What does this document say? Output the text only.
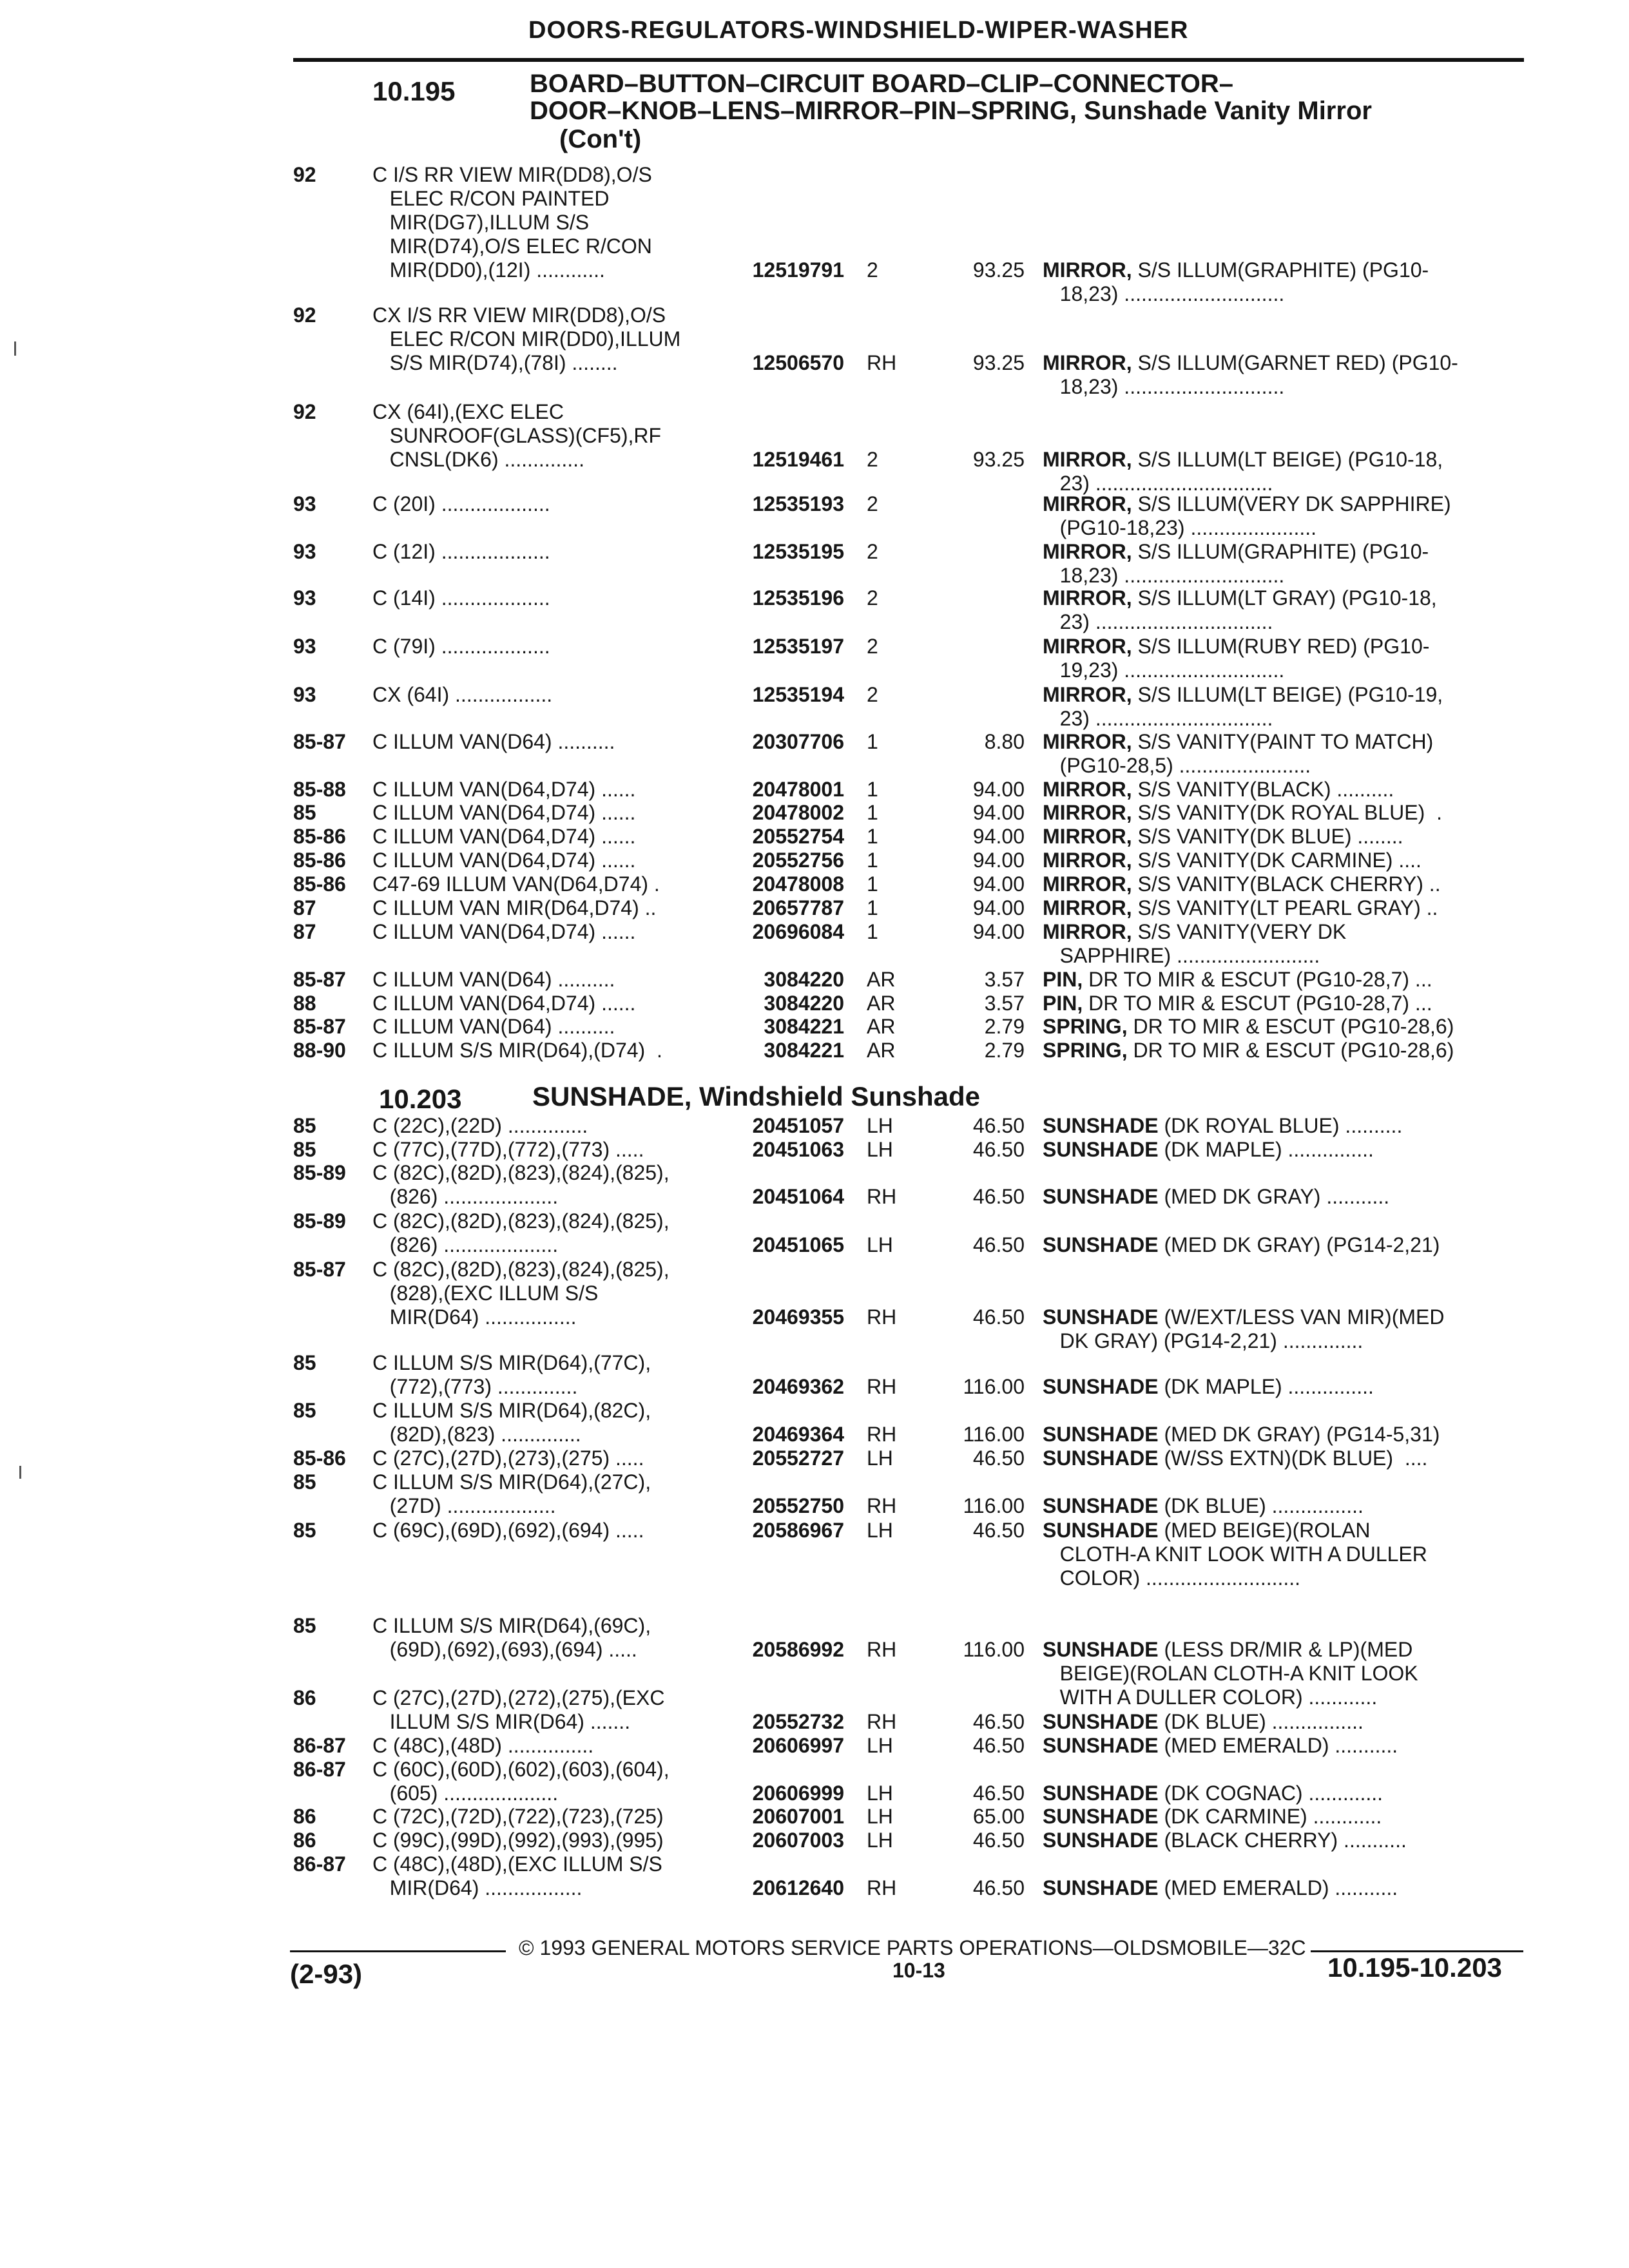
DOORS-REGULATORS-WINDSHIELD-WIPER-WASHER
10.195	BOARD–BUTTON–CIRCUIT BOARD–CLIP–CONNECTOR–
DOOR–KNOB–LENS–MIRROR–PIN–SPRING, Sunshade Vanity Mirror
(Con't)
92	C I/S RR VIEW MIR(DD8),O/S
ELEC R/CON PAINTED
MIR(DG7),ILLUM S/S
MIR(D74),O/S ELEC R/CON
MIR(DD0),(12I) ............	12519791 2	93.25 MIRROR, S/S ILLUM(GRAPHITE) (PG10-
18,23) ............................
92	CX I/S RR VIEW MIR(DD8),O/S
ELEC R/CON MIR(DD0),ILLUM
S/S MIR(D74),(78I) ........	12506570 RH	93.25 MIRROR, S/S ILLUM(GARNET RED) (PG10-
18,23) ............................
92	CX (64I),(EXC ELEC
SUNROOF(GLASS)(CF5),RF
CNSL(DK6) ..............	12519461 2	93.25 MIRROR, S/S ILLUM(LT BEIGE) (PG10-18,
23) ...............................
93	C (20I) ...................	12535193 2	MIRROR, S/S ILLUM(VERY DK SAPPHIRE)
(PG10-18,23) ......................
93	C (12I) ...................	12535195 2	MIRROR, S/S ILLUM(GRAPHITE) (PG10-
18,23) ............................
93	C (14I) ...................	12535196 2	MIRROR, S/S ILLUM(LT GRAY) (PG10-18,
23) ...............................
93	C (79I) ...................	12535197 2	MIRROR, S/S ILLUM(RUBY RED) (PG10-
19,23) ............................
93	CX (64I) .................	12535194 2	MIRROR, S/S ILLUM(LT BEIGE) (PG10-19,
23) ...............................
85-87	C ILLUM VAN(D64) ..........	20307706 1	8.80 MIRROR, S/S VANITY(PAINT TO MATCH)
(PG10-28,5) .......................
85-88	C ILLUM VAN(D64,D74) ......	20478001 1	94.00 MIRROR, S/S VANITY(BLACK) ..........
85	C ILLUM VAN(D64,D74) ......	20478002 1	94.00 MIRROR, S/S VANITY(DK ROYAL BLUE)  .
85-86	C ILLUM VAN(D64,D74) ......	20552754 1	94.00 MIRROR, S/S VANITY(DK BLUE) ........
85-86	C ILLUM VAN(D64,D74) ......	20552756 1	94.00 MIRROR, S/S VANITY(DK CARMINE) ....
85-86	C47-69 ILLUM VAN(D64,D74) .	20478008 1	94.00 MIRROR, S/S VANITY(BLACK CHERRY) ..
87	C ILLUM VAN MIR(D64,D74) ..	20657787 1	94.00 MIRROR, S/S VANITY(LT PEARL GRAY) ..
87	C ILLUM VAN(D64,D74) ......	20696084 1	94.00 MIRROR, S/S VANITY(VERY DK
SAPPHIRE) .........................
85-87	C ILLUM VAN(D64) ..........	3084220 AR	3.57 PIN, DR TO MIR & ESCUT (PG10-28,7) ...
88	C ILLUM VAN(D64,D74) ......	3084220 AR	3.57 PIN, DR TO MIR & ESCUT (PG10-28,7) ...
85-87	C ILLUM VAN(D64) ..........	3084221 AR	2.79 SPRING, DR TO MIR & ESCUT (PG10-28,6)
88-90	C ILLUM S/S MIR(D64),(D74)  .	3084221 AR	2.79 SPRING, DR TO MIR & ESCUT (PG10-28,6)
10.203	SUNSHADE, Windshield Sunshade
85	C (22C),(22D) ..............	20451057 LH	46.50 SUNSHADE (DK ROYAL BLUE) ..........
85	C (77C),(77D),(772),(773) .....	20451063 LH	46.50 SUNSHADE (DK MAPLE) ...............
85-89	C (82C),(82D),(823),(824),(825),
(826) ....................	20451064 RH	46.50 SUNSHADE (MED DK GRAY) ...........
85-89	C (82C),(82D),(823),(824),(825),
(826) ....................	20451065 LH	46.50 SUNSHADE (MED DK GRAY) (PG14-2,21)
85-87	C (82C),(82D),(823),(824),(825),
(828),(EXC ILLUM S/S
MIR(D64) ................	20469355 RH	46.50 SUNSHADE (W/EXT/LESS VAN MIR)(MED
DK GRAY) (PG14-2,21) ..............
85	C ILLUM S/S MIR(D64),(77C),
(772),(773) ..............	20469362 RH	116.00 SUNSHADE (DK MAPLE) ...............
85	C ILLUM S/S MIR(D64),(82C),
(82D),(823) ..............	20469364 RH	116.00 SUNSHADE (MED DK GRAY) (PG14-5,31)
85-86	C (27C),(27D),(273),(275) .....	20552727 LH	46.50 SUNSHADE (W/SS EXTN)(DK BLUE)  ....
85	C ILLUM S/S MIR(D64),(27C),
(27D) ...................	20552750 RH	116.00 SUNSHADE (DK BLUE) ................
85	C (69C),(69D),(692),(694) .....	20586967 LH	46.50 SUNSHADE (MED BEIGE)(ROLAN
CLOTH-A KNIT LOOK WITH A DULLER
COLOR) ...........................
85	C ILLUM S/S MIR(D64),(69C),
(69D),(692),(693),(694) .....	20586992 RH	116.00 SUNSHADE (LESS DR/MIR & LP)(MED
BEIGE)(ROLAN CLOTH-A KNIT LOOK
WITH A DULLER COLOR) ............
86	C (27C),(27D),(272),(275),(EXC
ILLUM S/S MIR(D64) .......	20552732 RH	46.50 SUNSHADE (DK BLUE) ................
86-87	C (48C),(48D) ...............	20606997 LH	46.50 SUNSHADE (MED EMERALD) ...........
86-87	C (60C),(60D),(602),(603),(604),
(605) ....................	20606999 LH	46.50 SUNSHADE (DK COGNAC) .............
86	C (72C),(72D),(722),(723),(725)	20607001 LH	65.00 SUNSHADE (DK CARMINE) ............
86	C (99C),(99D),(992),(993),(995)	20607003 LH	46.50 SUNSHADE (BLACK CHERRY) ...........
86-87	C (48C),(48D),(EXC ILLUM S/S
MIR(D64) .................	20612640 RH	46.50 SUNSHADE (MED EMERALD) ...........
© 1993 GENERAL MOTORS SERVICE PARTS OPERATIONS—OLDSMOBILE—32C
(2-93)	10-13	10.195-10.203
